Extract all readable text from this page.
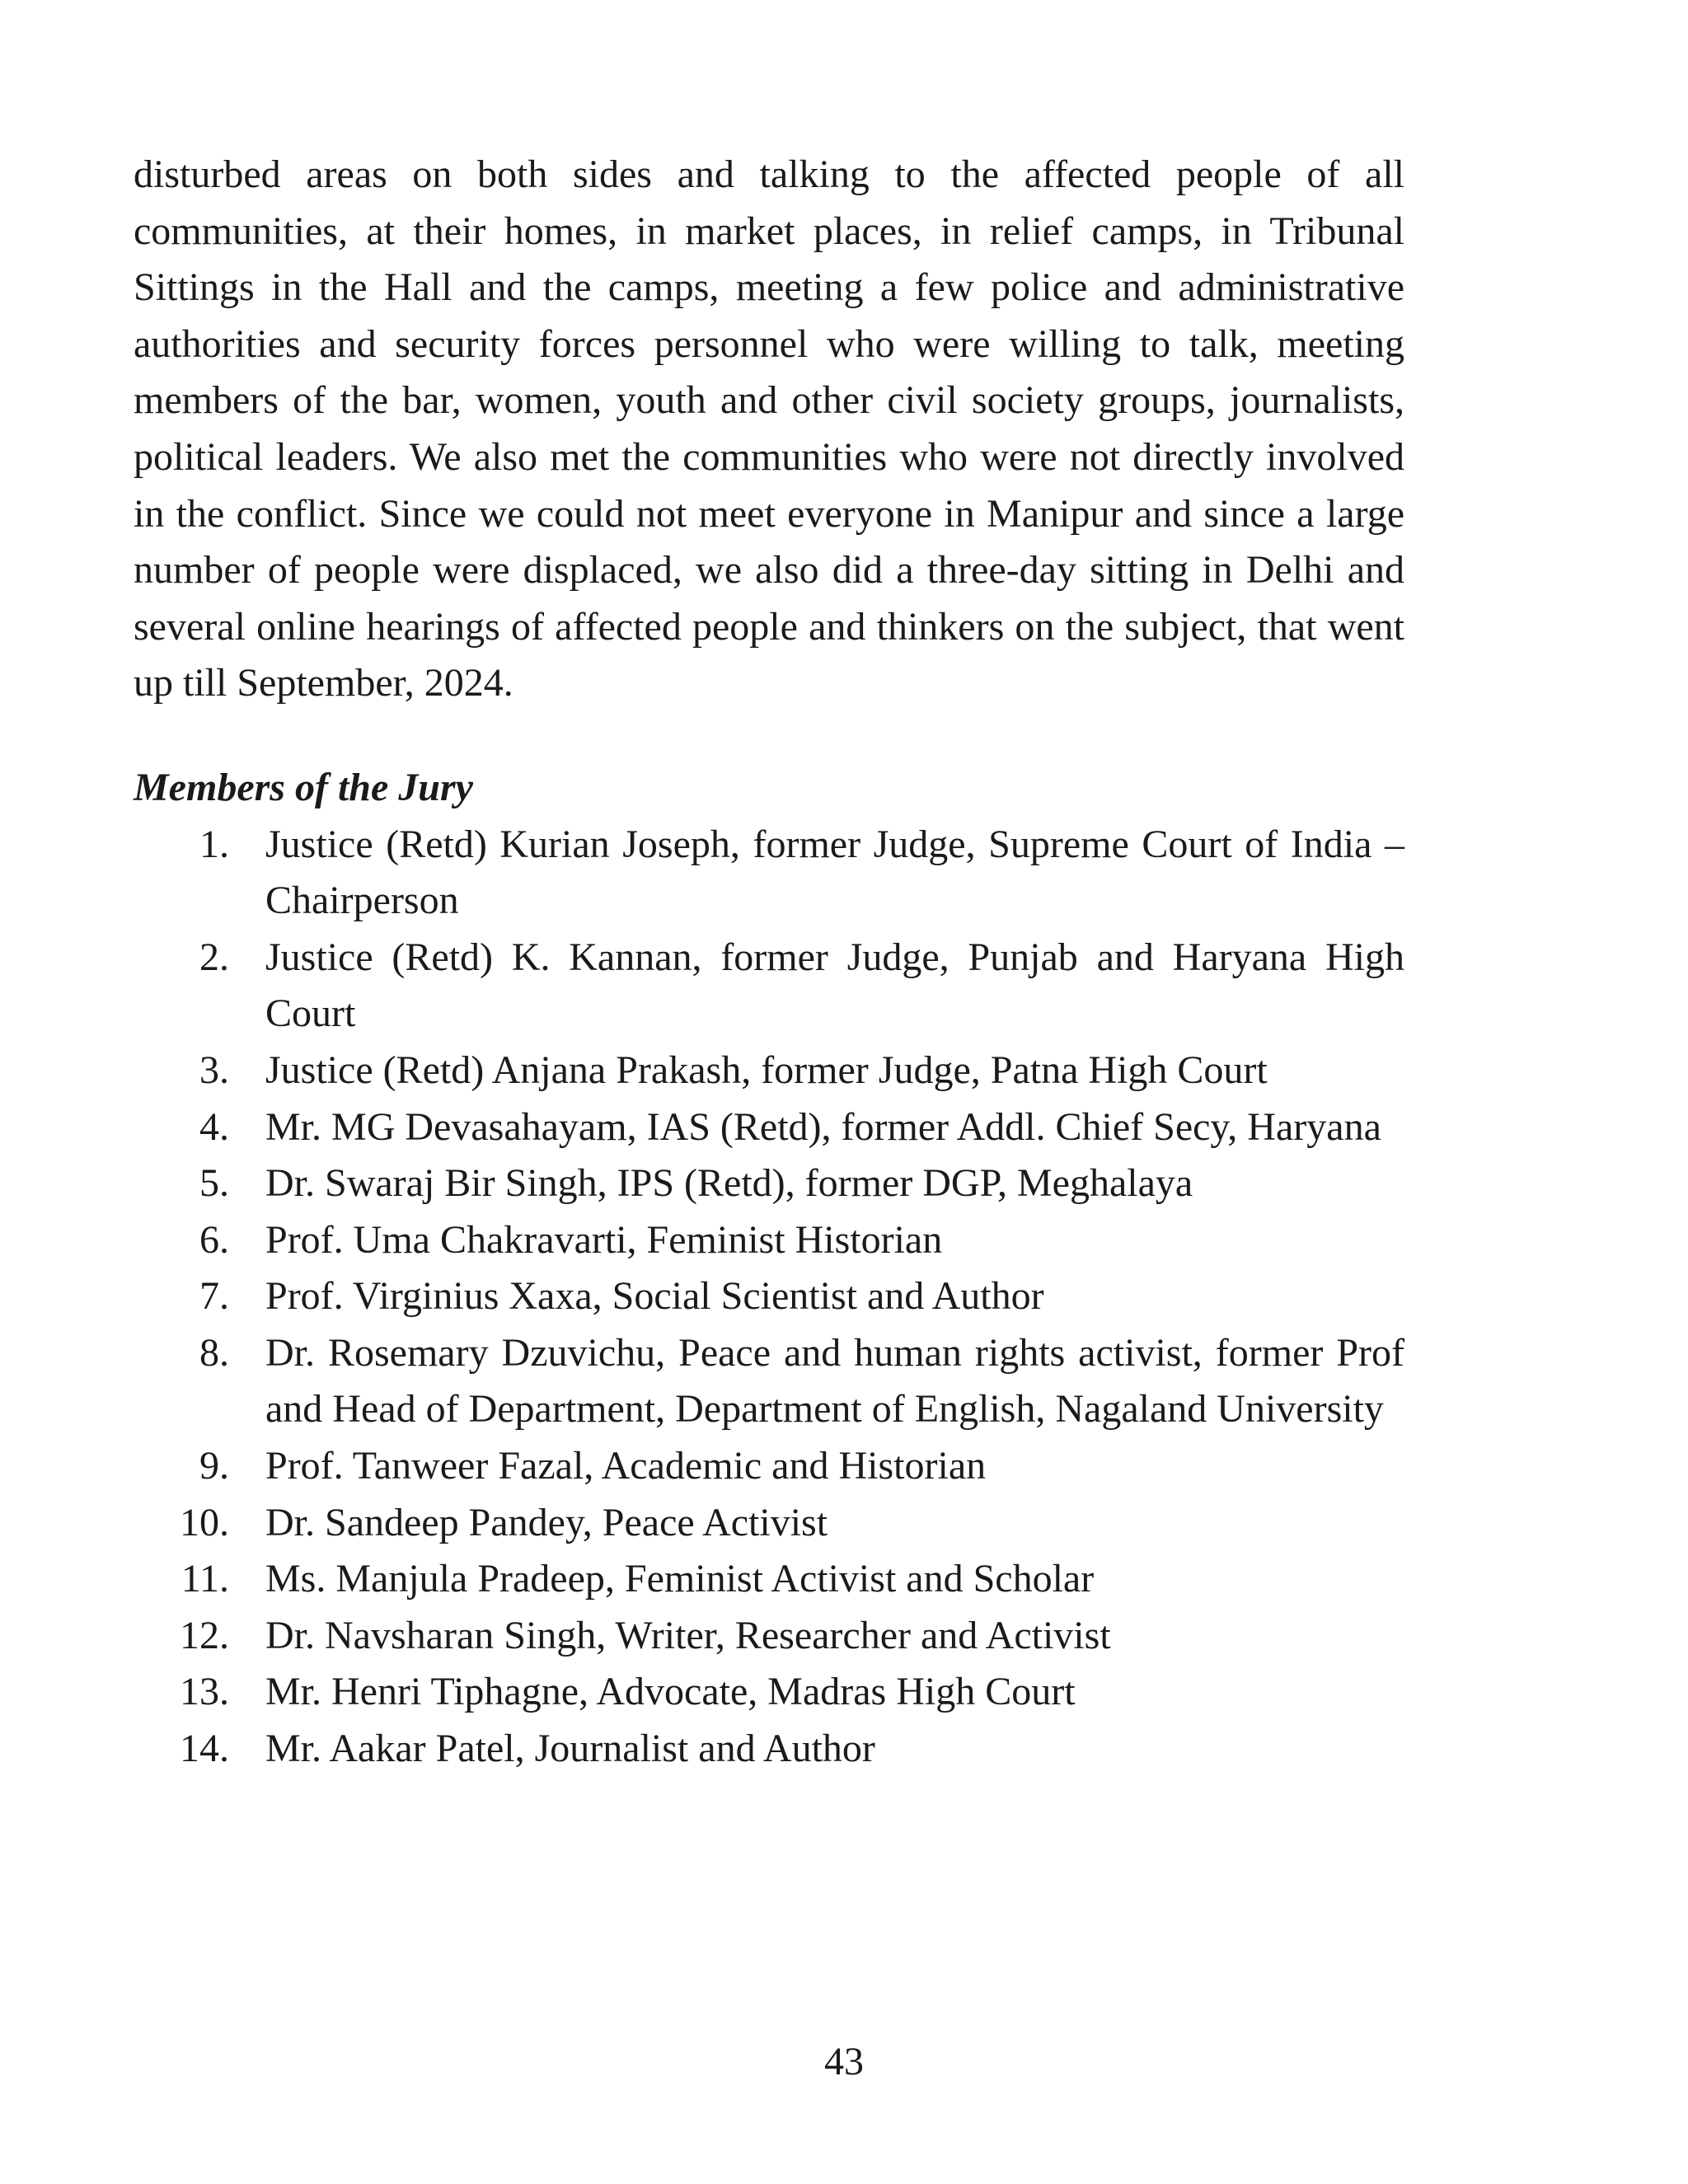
disturbed areas on both sides and talking to the affected people of all communities, at their homes, in market places, in relief camps, in Tribunal Sittings in the Hall and the camps, meeting a few police and administrative authorities and security forces personnel who were willing to talk, meeting members of the bar, women, youth and other civil society groups, journalists, political leaders. We also met the communities who were not directly involved in the conflict. Since we could not meet everyone in Manipur and since a large number of people were displaced, we also did a three-day sitting in Delhi and several online hearings of affected people and thinkers on the subject, that went up till September, 2024.

Members of the Jury
1. Justice (Retd) Kurian Joseph, former Judge, Supreme Court of India – Chairperson
2. Justice (Retd) K. Kannan, former Judge, Punjab and Haryana High Court
3. Justice (Retd) Anjana Prakash, former Judge, Patna High Court
4. Mr. MG Devasahayam, IAS (Retd), former Addl. Chief Secy, Haryana
5. Dr. Swaraj Bir Singh, IPS (Retd), former DGP, Meghalaya
6. Prof. Uma Chakravarti, Feminist Historian
7. Prof. Virginius Xaxa, Social Scientist and Author
8. Dr. Rosemary Dzuvichu, Peace and human rights activist, former Prof and Head of Department, Department of English, Nagaland University
9. Prof. Tanweer Fazal, Academic and Historian
10. Dr. Sandeep Pandey, Peace Activist
11. Ms. Manjula Pradeep, Feminist Activist and Scholar
12. Dr. Navsharan Singh, Writer, Researcher and Activist
13. Mr. Henri Tiphagne, Advocate, Madras High Court
14. Mr. Aakar Patel, Journalist and Author
43
